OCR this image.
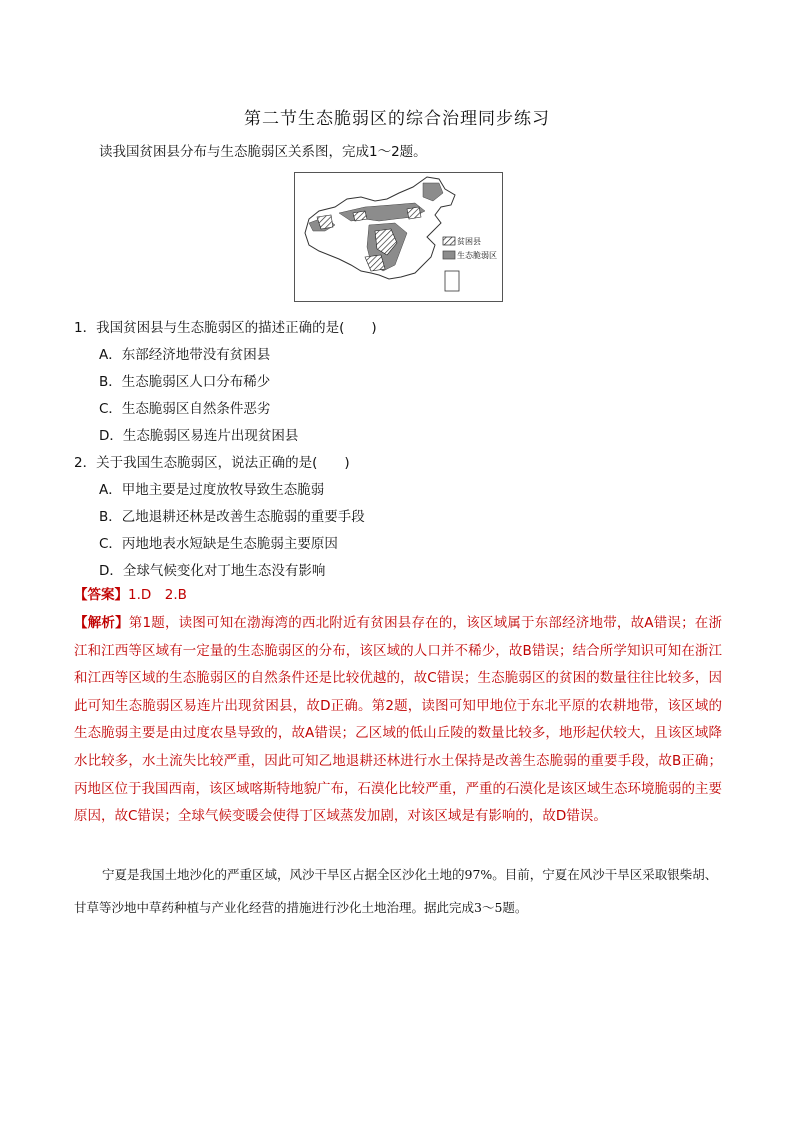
第二节生态脆弱区的综合治理同步练习
读我国贫困县分布与生态脆弱区关系图，完成1～2题。
贫困县
生态脆弱区
1．我国贫困县与生态脆弱区的描述正确的是(　　)
A．东部经济地带没有贫困县
B．生态脆弱区人口分布稀少
C．生态脆弱区自然条件恶劣
D．生态脆弱区易连片出现贫困县
2．关于我国生态脆弱区，说法正确的是(　　)
A．甲地主要是过度放牧导致生态脆弱
B．乙地退耕还林是改善生态脆弱的重要手段
C．丙地地表水短缺是生态脆弱主要原因
D．全球气候变化对丁地生态没有影响
【答案】1.D　2.B
【解析】第1题，读图可知在渤海湾的西北附近有贫困县存在的，该区域属于东部经济地带，故A错误；在浙江和江西等区域有一定量的生态脆弱区的分布，该区域的人口并不稀少，故B错误；结合所学知识可知在浙江和江西等区域的生态脆弱区的自然条件还是比较优越的，故C错误；生态脆弱区的贫困的数量往往比较多，因此可知生态脆弱区易连片出现贫困县，故D正确。第2题，读图可知甲地位于东北平原的农耕地带，该区域的生态脆弱主要是由过度农垦导致的，故A错误；乙区域的低山丘陵的数量比较多，地形起伏较大，且该区域降水比较多，水土流失比较严重，因此可知乙地退耕还林进行水土保持是改善生态脆弱的重要手段，故B正确；丙地区位于我国西南，该区域喀斯特地貌广布，石漠化比较严重，严重的石漠化是该区域生态环境脆弱的主要原因，故C错误；全球气候变暖会使得丁区域蒸发加剧，对该区域是有影响的，故D错误。
宁夏是我国土地沙化的严重区域，风沙干旱区占据全区沙化土地的97%。目前，宁夏在风沙干旱区采取银柴胡、甘草等沙地中草药种植与产业化经营的措施进行沙化土地治理。据此完成3～5题。
